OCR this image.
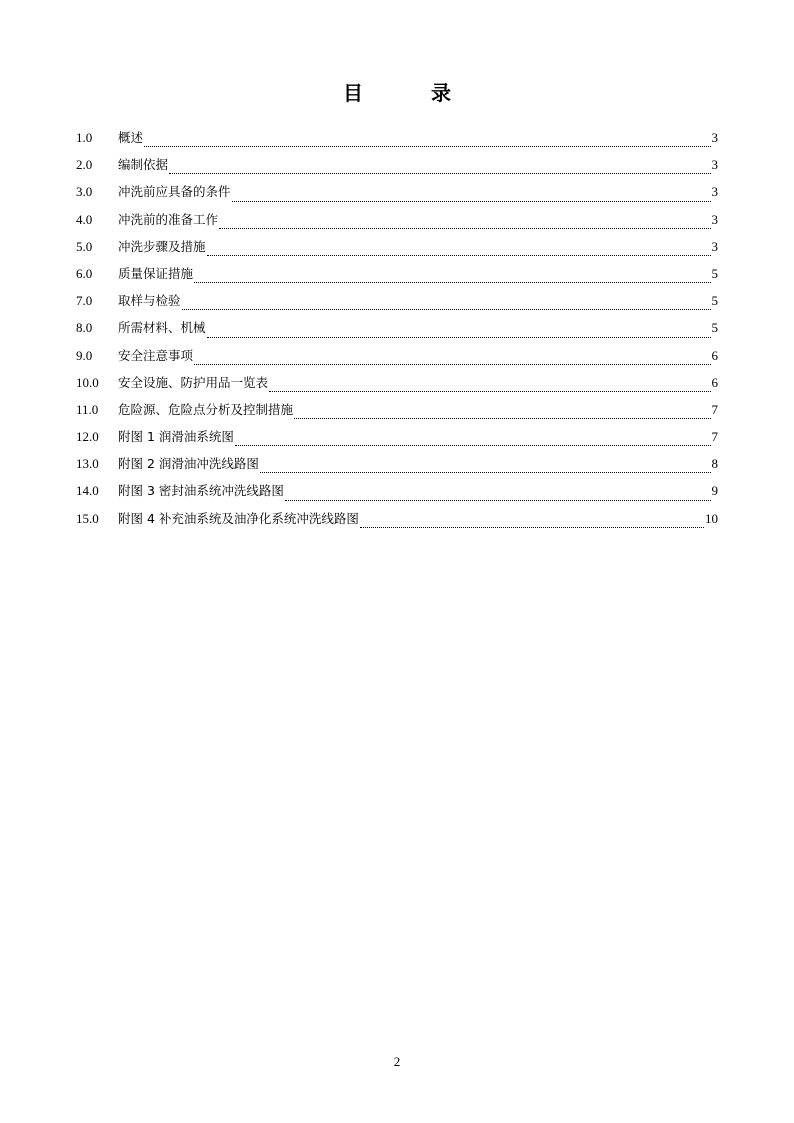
目	录
1.0	概述	3
2.0	编制依据	3
3.0	冲洗前应具备的条件	3
4.0	冲洗前的准备工作	3
5.0	冲洗步骤及措施	3
6.0	质量保证措施	5
7.0	取样与检验	5
8.0	所需材料、机械	5
9.0	安全注意事项	6
10.0	安全设施、防护用品一览表	6
11.0	危险源、危险点分析及控制措施	7
12.0	附图 1 润滑油系统图	7
13.0	附图 2 润滑油冲洗线路图	8
14.0	附图 3 密封油系统冲洗线路图	9
15.0	附图 4 补充油系统及油净化系统冲洗线路图	10
2
